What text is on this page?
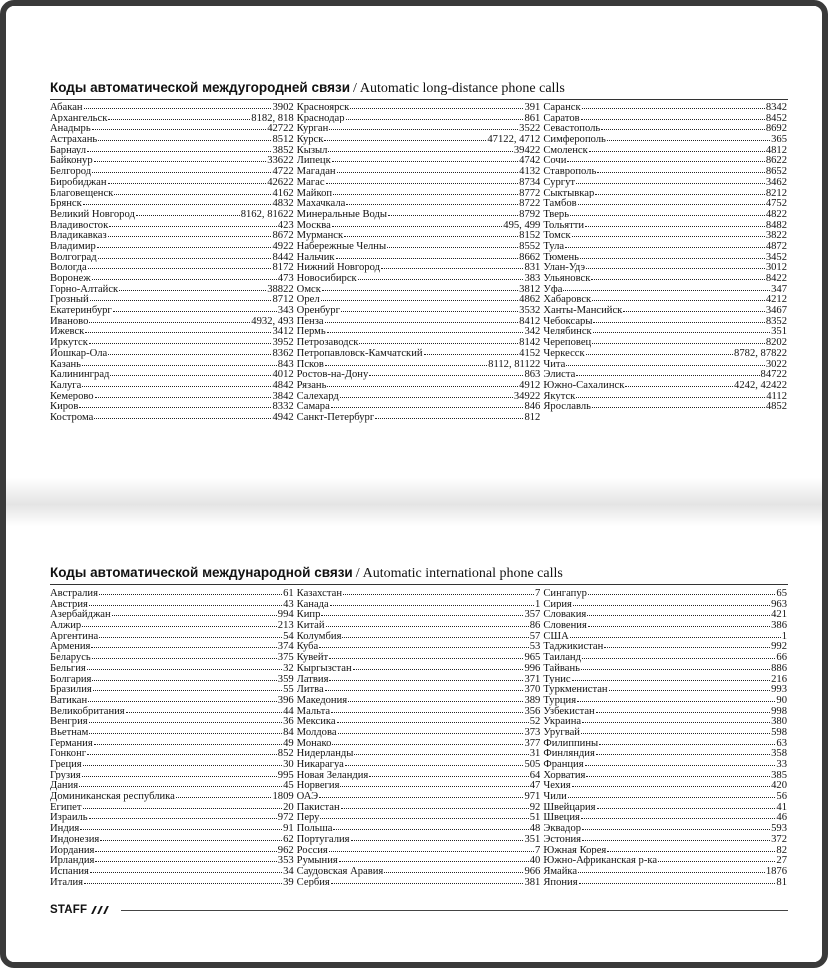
Коды автоматической междугородней связи / Automatic long-distance phone calls
Абакан	3902
Архангельск	8182, 818
Анадырь	42722
Астрахань	8512
Барнаул	3852
Байконур	33622
Белгород	4722
Биробиджан	42622
Благовещенск	4162
Брянск	4832
Великий Новгород	8162, 81622
Владивосток	423
Владикавказ	8672
Владимир	4922
Волгоград	8442
Вологда	8172
Воронеж	473
Горно-Алтайск	38822
Грозный	8712
Екатеринбург	343
Иваново	4932, 493
Ижевск	3412
Иркутск	3952
Йошкар-Ола	8362
Казань	843
Калининград	4012
Калуга	4842
Кемерово	3842
Киров	8332
Кострома	4942
Красноярск	391
Краснодар	861
Курган	3522
Курск	47122, 4712
Кызыл	39422
Липецк	4742
Магадан	4132
Магас	8734
Майкоп	8772
Махачкала	8722
Минеральные Воды	8792
Москва	495, 499
Мурманск	8152
Набережные Челны	8552
Нальчик	8662
Нижний Новгород	831
Новосибирск	383
Омск	3812
Орел	4862
Оренбург	3532
Пенза	8412
Пермь	342
Петрозаводск	8142
Петропавловск-Камчатский	4152
Псков	8112, 81122
Ростов-на-Дону	863
Рязань	4912
Салехард	34922
Самара	846
Санкт-Петербург	812
Саранск	8342
Саратов	8452
Севастополь	8692
Симферополь	365
Смоленск	4812
Сочи	8622
Ставрополь	8652
Сургут	3462
Сыктывкар	8212
Тамбов	4752
Тверь	4822
Тольятти	8482
Томск	3822
Тула	4872
Тюмень	3452
Улан-Удэ	3012
Ульяновск	8422
Уфа	347
Хабаровск	4212
Ханты-Мансийск	3467
Чебоксары	8352
Челябинск	351
Череповец	8202
Черкесск	8782, 87822
Чита	3022
Элиста	84722
Южно-Сахалинск	4242, 42422
Якутск	4112
Ярославль	4852
Коды автоматической международной связи / Automatic international phone calls
Австралия	61
Австрия	43
Азербайджан	994
Алжир	213
Аргентина	54
Армения	374
Беларусь	375
Бельгия	32
Болгария	359
Бразилия	55
Ватикан	396
Великобритания	44
Венгрия	36
Вьетнам	84
Германия	49
Гонконг	852
Греция	30
Грузия	995
Дания	45
Доминиканская республика	1809
Египет	20
Израиль	972
Индия	91
Индонезия	62
Иордания	962
Ирландия	353
Испания	34
Италия	39
Казахстан	7
Канада	1
Кипр	357
Китай	86
Колумбия	57
Куба	53
Кувейт	965
Кыргызстан	996
Латвия	371
Литва	370
Македония	389
Мальта	356
Мексика	52
Молдова	373
Монако	377
Нидерланды	31
Никарагуа	505
Новая Зеландия	64
Норвегия	47
ОАЭ	971
Пакистан	92
Перу	51
Польша	48
Португалия	351
Россия	7
Румыния	40
Саудовская Аравия	966
Сербия	381
Сингапур	65
Сирия	963
Словакия	421
Словения	386
США	1
Таджикистан	992
Таиланд	66
Тайвань	886
Тунис	216
Туркменистан	993
Турция	90
Узбекистан	998
Украина	380
Уругвай	598
Филиппины	63
Финляндия	358
Франция	33
Хорватия	385
Чехия	420
Чили	56
Швейцария	41
Швеция	46
Эквадор	593
Эстония	372
Южная Корея	82
Южно-Африканская р-ка	27
Ямайка	1876
Япония	81
STAFF
